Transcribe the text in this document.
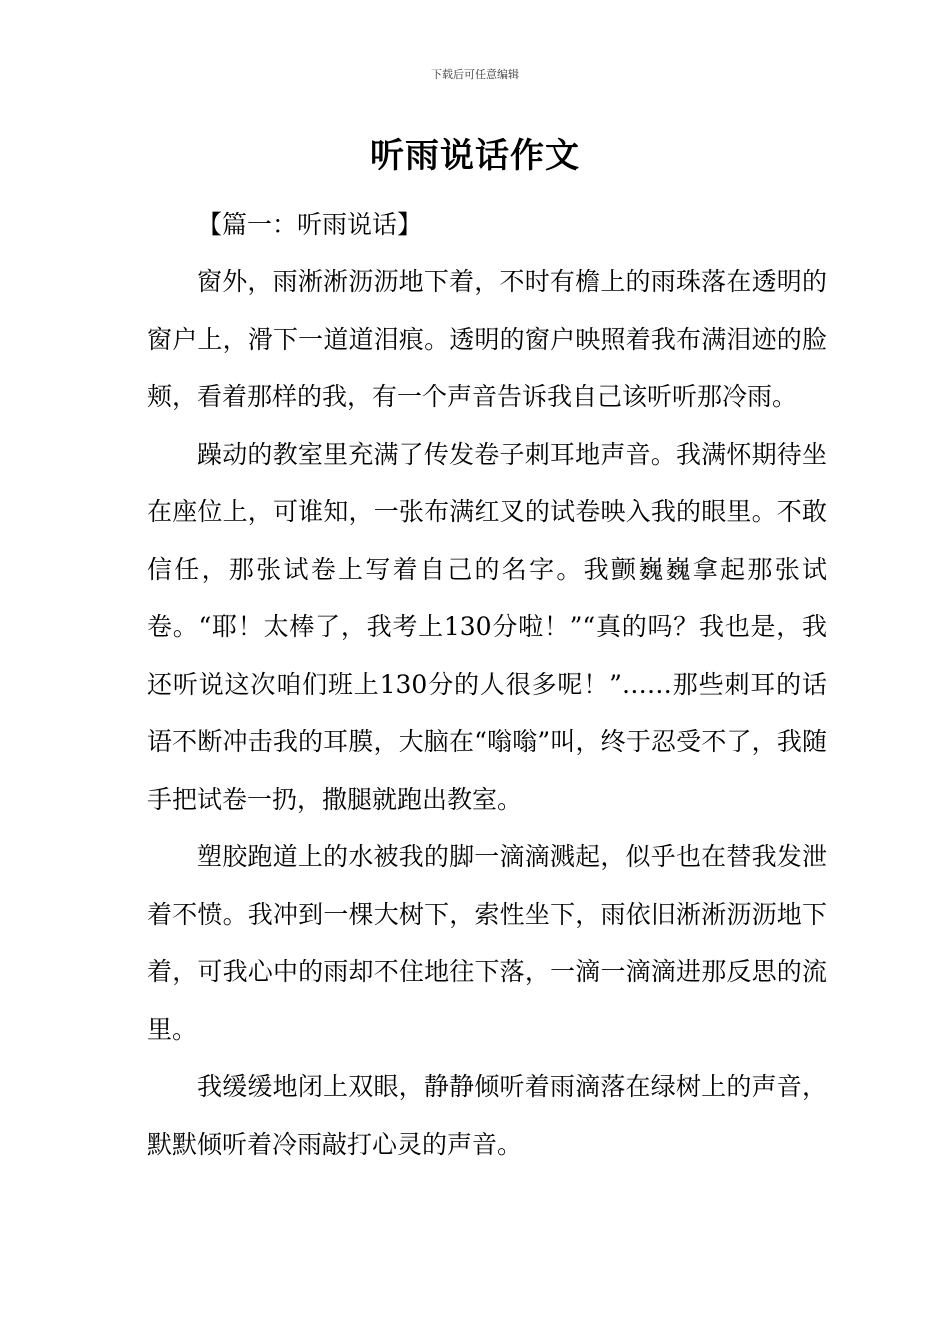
下载后可任意编辑
听雨说话作文

【篇一：听雨说话】

窗外，雨淅淅沥沥地下着，不时有檐上的雨珠落在透明的窗户上，滑下一道道泪痕。透明的窗户映照着我布满泪迹的脸颊，看着那样的我，有一个声音告诉我自己该听听那冷雨。

躁动的教室里充满了传发卷子刺耳地声音。我满怀期待坐在座位上，可谁知，一张布满红叉的试卷映入我的眼里。不敢信任，那张试卷上写着自己的名字。我颤巍巍拿起那张试卷。“耶！太棒了，我考上130分啦！”“真的吗？我也是，我还听说这次咱们班上130分的人很多呢！”……那些刺耳的话语不断冲击我的耳膜，大脑在“嗡嗡”叫，终于忍受不了，我随手把试卷一扔，撒腿就跑出教室。

塑胶跑道上的水被我的脚一滴滴溅起，似乎也在替我发泄着不愤。我冲到一棵大树下，索性坐下，雨依旧淅淅沥沥地下着，可我心中的雨却不住地往下落，一滴一滴滴进那反思的流里。

我缓缓地闭上双眼，静静倾听着雨滴落在绿树上的声音，默默倾听着冷雨敲打心灵的声音。
